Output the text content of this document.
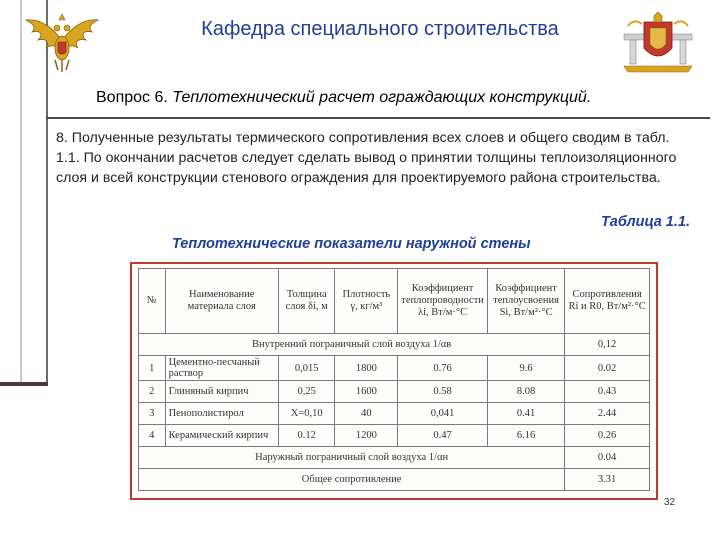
Кафедра специального строительства
Вопрос 6. Теплотехнический расчет ограждающих конструкций.
8. Полученные результаты термического сопротивления всех слоев и общего сводим в табл. 1.1. По окончании расчетов следует сделать вывод о принятии толщины теплоизоляционного слоя и всей конструкции стенового ограждения для проектируемого района строительства.
Таблица 1.1.
Теплотехнические показатели наружной стены
№	Наименование материала слоя	Толщина слоя δi, м	Плотность γ, кг/м³	Коэффициент теплопроводности λi, Вт/м·°С	Коэффициент теплоусвоения Si, Вт/м²·°С	Сопротивления Ri и R0, Вт/м²·°С
Внутренний пограничный слой воздуха 1/αв						0,12
1	Цементно-песчаный раствор	0,015	1800	0.76	9.6	0.02
2	Глиняный кирпич	0,25	1600	0.58	8.08	0.43
3	Пенополистирол	X=0,10	40	0,041	0.41	2.44
4	Керамический кирпич	0.12	1200	0.47	6.16	0.26
Наружный пограничный слой воздуха 1/αн						0.04
Общее сопротивление						3.31
32
